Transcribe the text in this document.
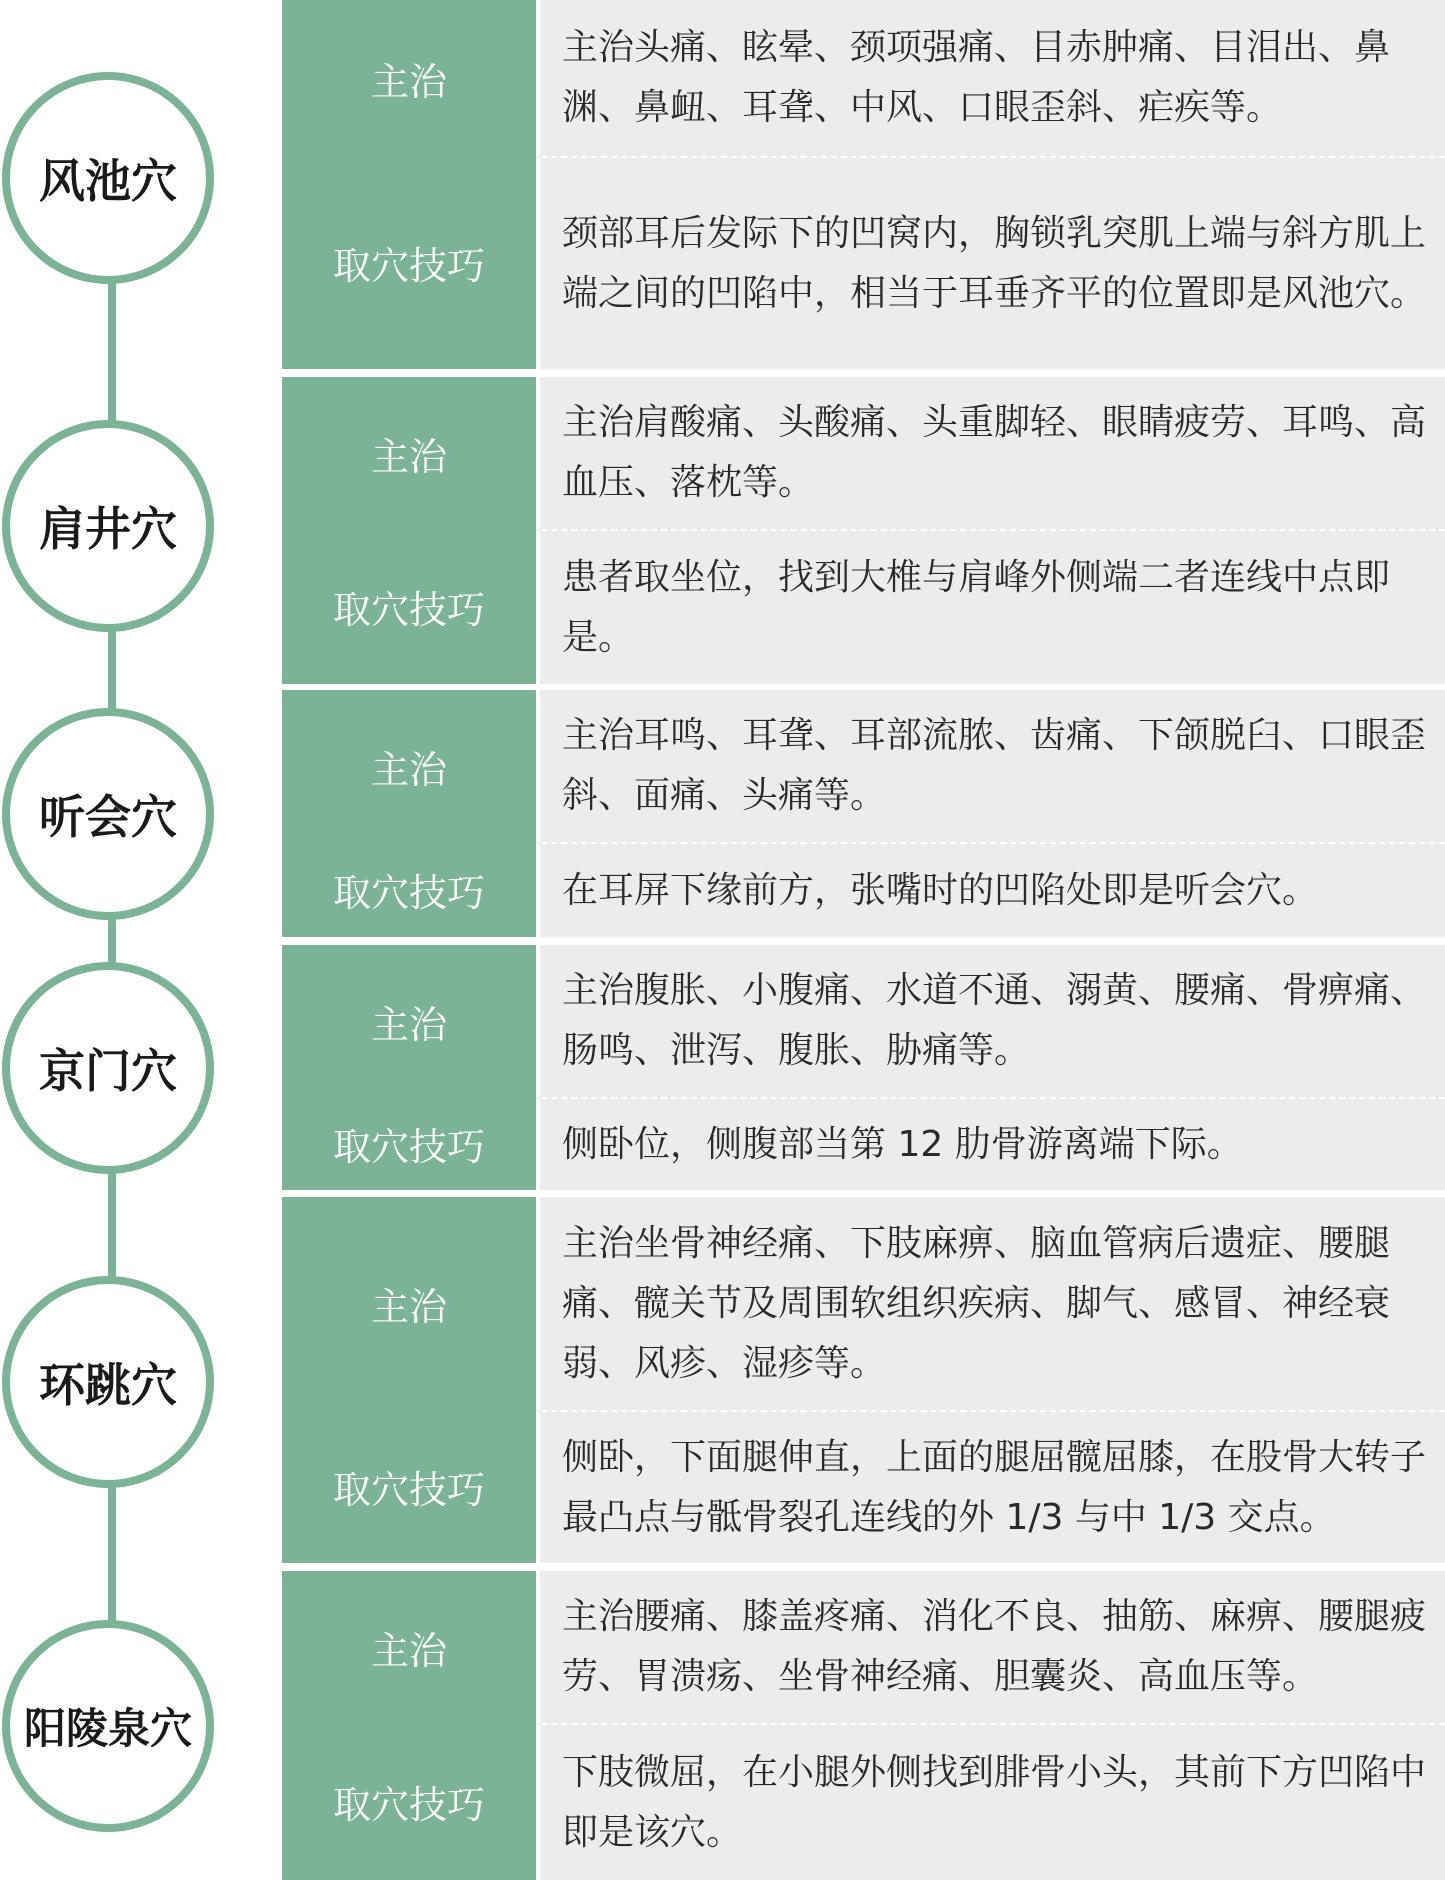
风池穴
肩井穴
听会穴
京门穴
环跳穴
阳陵泉穴
主治
主治头痛、眩晕、颈项强痛、目赤肿痛、目泪出、鼻渊、鼻衄、耳聋、中风、口眼歪斜、疟疾等。
取穴技巧
颈部耳后发际下的凹窝内，胸锁乳突肌上端与斜方肌上端之间的凹陷中，相当于耳垂齐平的位置即是风池穴。
主治
主治肩酸痛、头酸痛、头重脚轻、眼睛疲劳、耳鸣、高血压、落枕等。
取穴技巧
患者取坐位，找到大椎与肩峰外侧端二者连线中点即是。
主治
主治耳鸣、耳聋、耳部流脓、齿痛、下颌脱臼、口眼歪斜、面痛、头痛等。
取穴技巧	在耳屏下缘前方，张嘴时的凹陷处即是听会穴。
主治
主治腹胀、小腹痛、水道不通、溺黄、腰痛、骨痹痛、肠鸣、泄泻、腹胀、胁痛等。
取穴技巧	侧卧位，侧腹部当第 12 肋骨游离端下际。
主治
主治坐骨神经痛、下肢麻痹、脑血管病后遗症、腰腿痛、髋关节及周围软组织疾病、脚气、感冒、神经衰弱、风疹、湿疹等。
取穴技巧
侧卧，下面腿伸直，上面的腿屈髋屈膝，在股骨大转子最凸点与骶骨裂孔连线的外 1/3 与中 1/3 交点。
主治
主治腰痛、膝盖疼痛、消化不良、抽筋、麻痹、腰腿疲劳、胃溃疡、坐骨神经痛、胆囊炎、高血压等。
取穴技巧
下肢微屈，在小腿外侧找到腓骨小头，其前下方凹陷中即是该穴。
